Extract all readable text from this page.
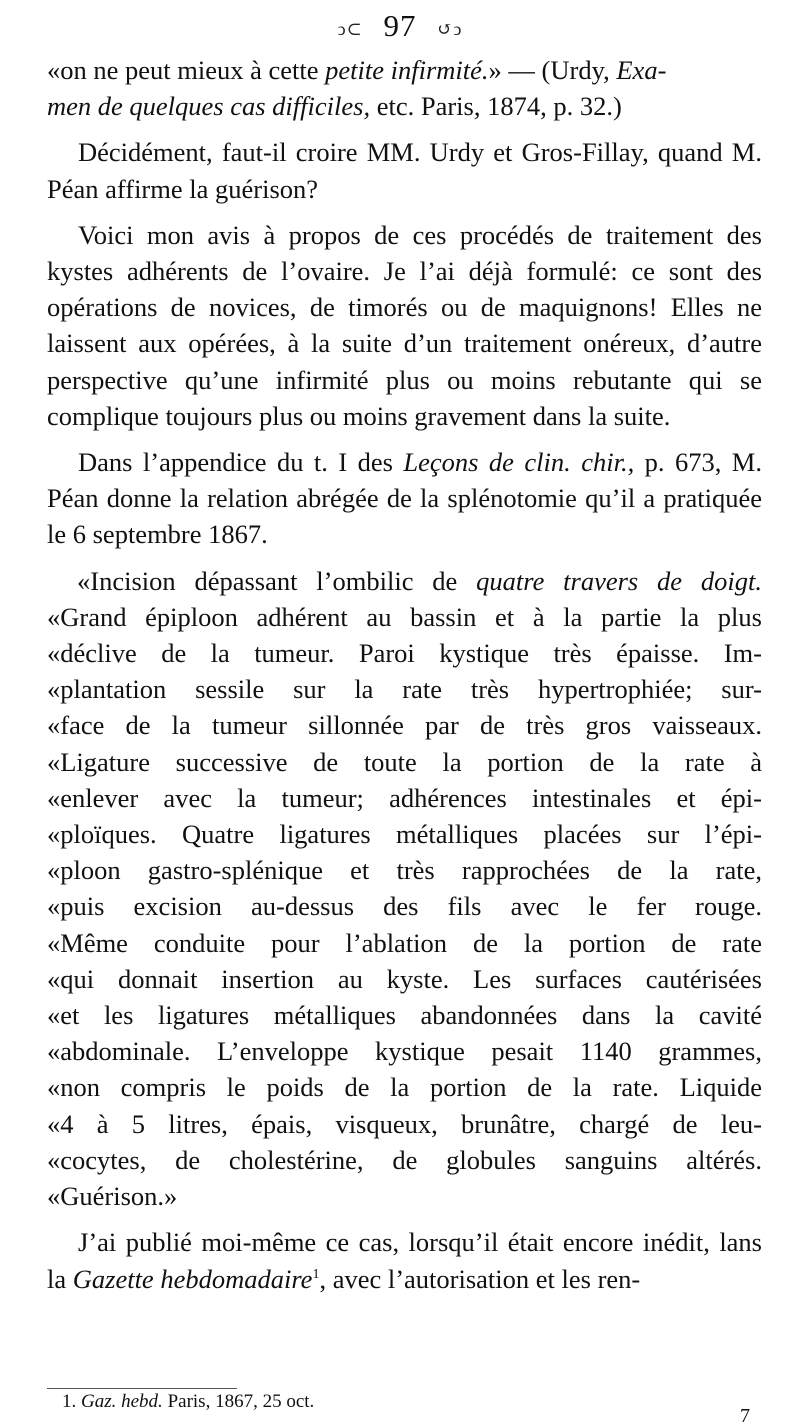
ↄ⊂ 97 ↺ↄ

«on ne peut mieux à cette petite infirmité.» — (Urdy, Exa-
men de quelques cas difficiles, etc. Paris, 1874, p. 32.)

Décidément, faut-il croire MM. Urdy et Gros-Fillay, quand M. Péan affirme la guérison?

Voici mon avis à propos de ces procédés de traitement des kystes adhérents de l’ovaire. Je l’ai déjà formulé: ce sont des opérations de novices, de timorés ou de maquignons! Elles ne laissent aux opérées, à la suite d’un traitement onéreux, d’autre perspective qu’une infirmité plus ou moins rebutante qui se complique toujours plus ou moins gravement dans la suite.

Dans l’appendice du t. I des Leçons de clin. chir., p. 673, M. Péan donne la relation abrégée de la splénotomie qu’il a pratiquée le 6 septembre 1867.

«Incision dépassant l’ombilic de quatre travers de doigt.
«Grand épiploon adhérent au bassin et à la partie la plus
«déclive de la tumeur. Paroi kystique très épaisse. Im-
«plantation sessile sur la rate très hypertrophiée; sur-
«face de la tumeur sillonnée par de très gros vaisseaux.
«Ligature successive de toute la portion de la rate à
«enlever avec la tumeur; adhérences intestinales et épi-
«ploïques. Quatre ligatures métalliques placées sur l’épi-
«ploon gastro-splénique et très rapprochées de la rate,
«puis excision au-dessus des fils avec le fer rouge.
«Même conduite pour l’ablation de la portion de rate
«qui donnait insertion au kyste. Les surfaces cautérisées
«et les ligatures métalliques abandonnées dans la cavité
«abdominale. L’enveloppe kystique pesait 1140 grammes,
«non compris le poids de la portion de la rate. Liquide
«4 à 5 litres, épais, visqueux, brunâtre, chargé de leu-
«cocytes, de cholestérine, de globules sanguins altérés.
«Guérison.»

J’ai publié moi-même ce cas, lorsqu’il était encore inédit, lans la Gazette hebdomadaire$^1$, avec l’autorisation et les ren-

1. Gaz. hebd. Paris, 1867, 25 oct.
7
